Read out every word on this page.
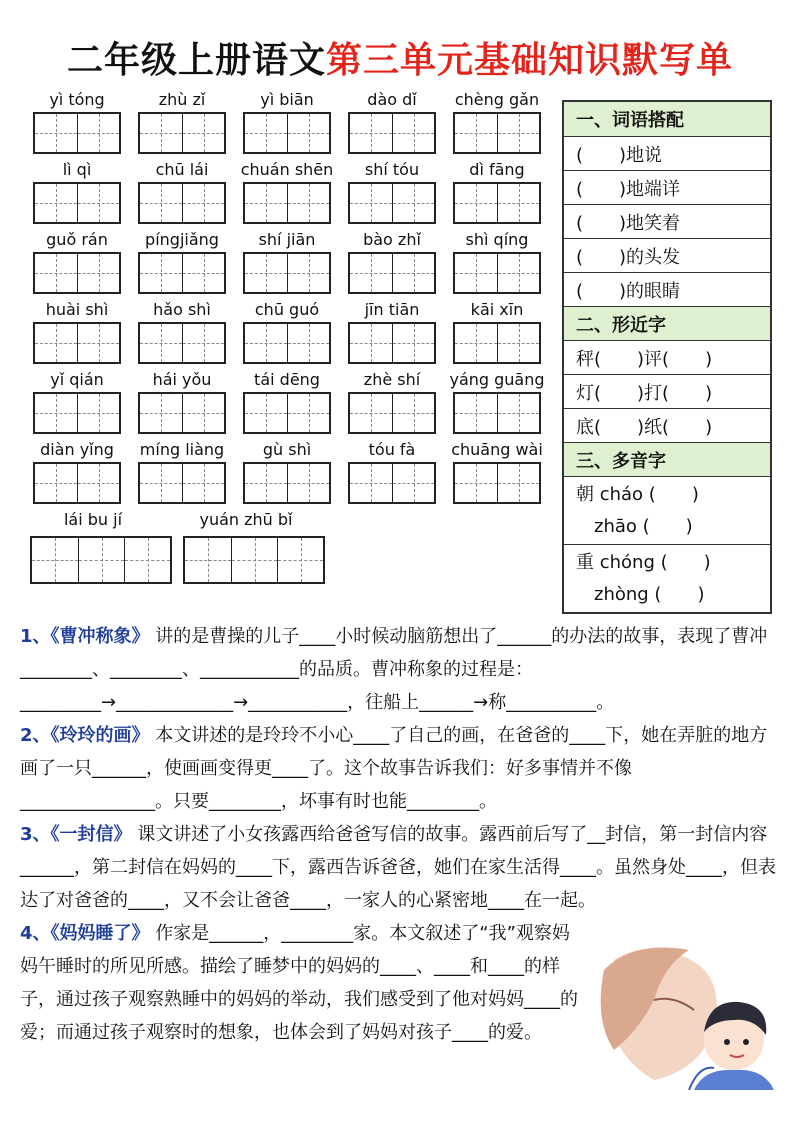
二年级上册语文第三单元基础知识默写单
yì tóng	zhù zǐ	yì biān	dào dǐ	chèng gǎn
lì qì	chū lái	chuán shēn	shí tóu	dì fāng
guǒ rán	píngjiǎng	shí jiān	bào zhǐ	shì qíng
huài shì	hǎo shì	chū guó	jīn tiān	kāi xīn
yǐ qián	hái yǒu	tái dēng	zhè shí	yáng guāng
diàn yǐng	míng liàng	gù shì	tóu fà	chuāng wài
lái bu jí	yuán zhū bǐ
一、词语搭配
(　　)地说
(　　)地端详
(　　)地笑着
(　　)的头发
(　　)的眼睛
二、形近字
秤(　　)评(　　)
灯(　　)打(　　)
底(　　)纸(　　)
三、多音字
朝 cháo (　　)
　zhāo (　　)
重 chóng (　　)
　zhòng (　　)

1、《曹冲称象》 讲的是曹操的儿子____小时候动脑筋想出了______的办法的故事，表现了曹冲________、________、___________的品质。曹冲称象的过程是：_________→_____________→___________，往船上______→称__________。

2、《玲玲的画》 本文讲述的是玲玲不小心____了自己的画，在爸爸的____下，她在弄脏的地方画了一只______，使画画变得更____了。这个故事告诉我们：好多事情并不像_______________。只要________，坏事有时也能________。

3、《一封信》 课文讲述了小女孩露西给爸爸写信的故事。露西前后写了__封信，第一封信内容______，第二封信在妈妈的____下，露西告诉爸爸，她们在家生活得____。虽然身处____，但表达了对爸爸的____，又不会让爸爸____，一家人的心紧密地____在一起。

4、《妈妈睡了》 作家是______，________家。本文叙述了“我”观察妈妈午睡时的所见所感。描绘了睡梦中的妈妈的____、____和____的样子，通过孩子观察熟睡中的妈妈的举动，我们感受到了他对妈妈____的爱；而通过孩子观察时的想象，也体会到了妈妈对孩子____的爱。
